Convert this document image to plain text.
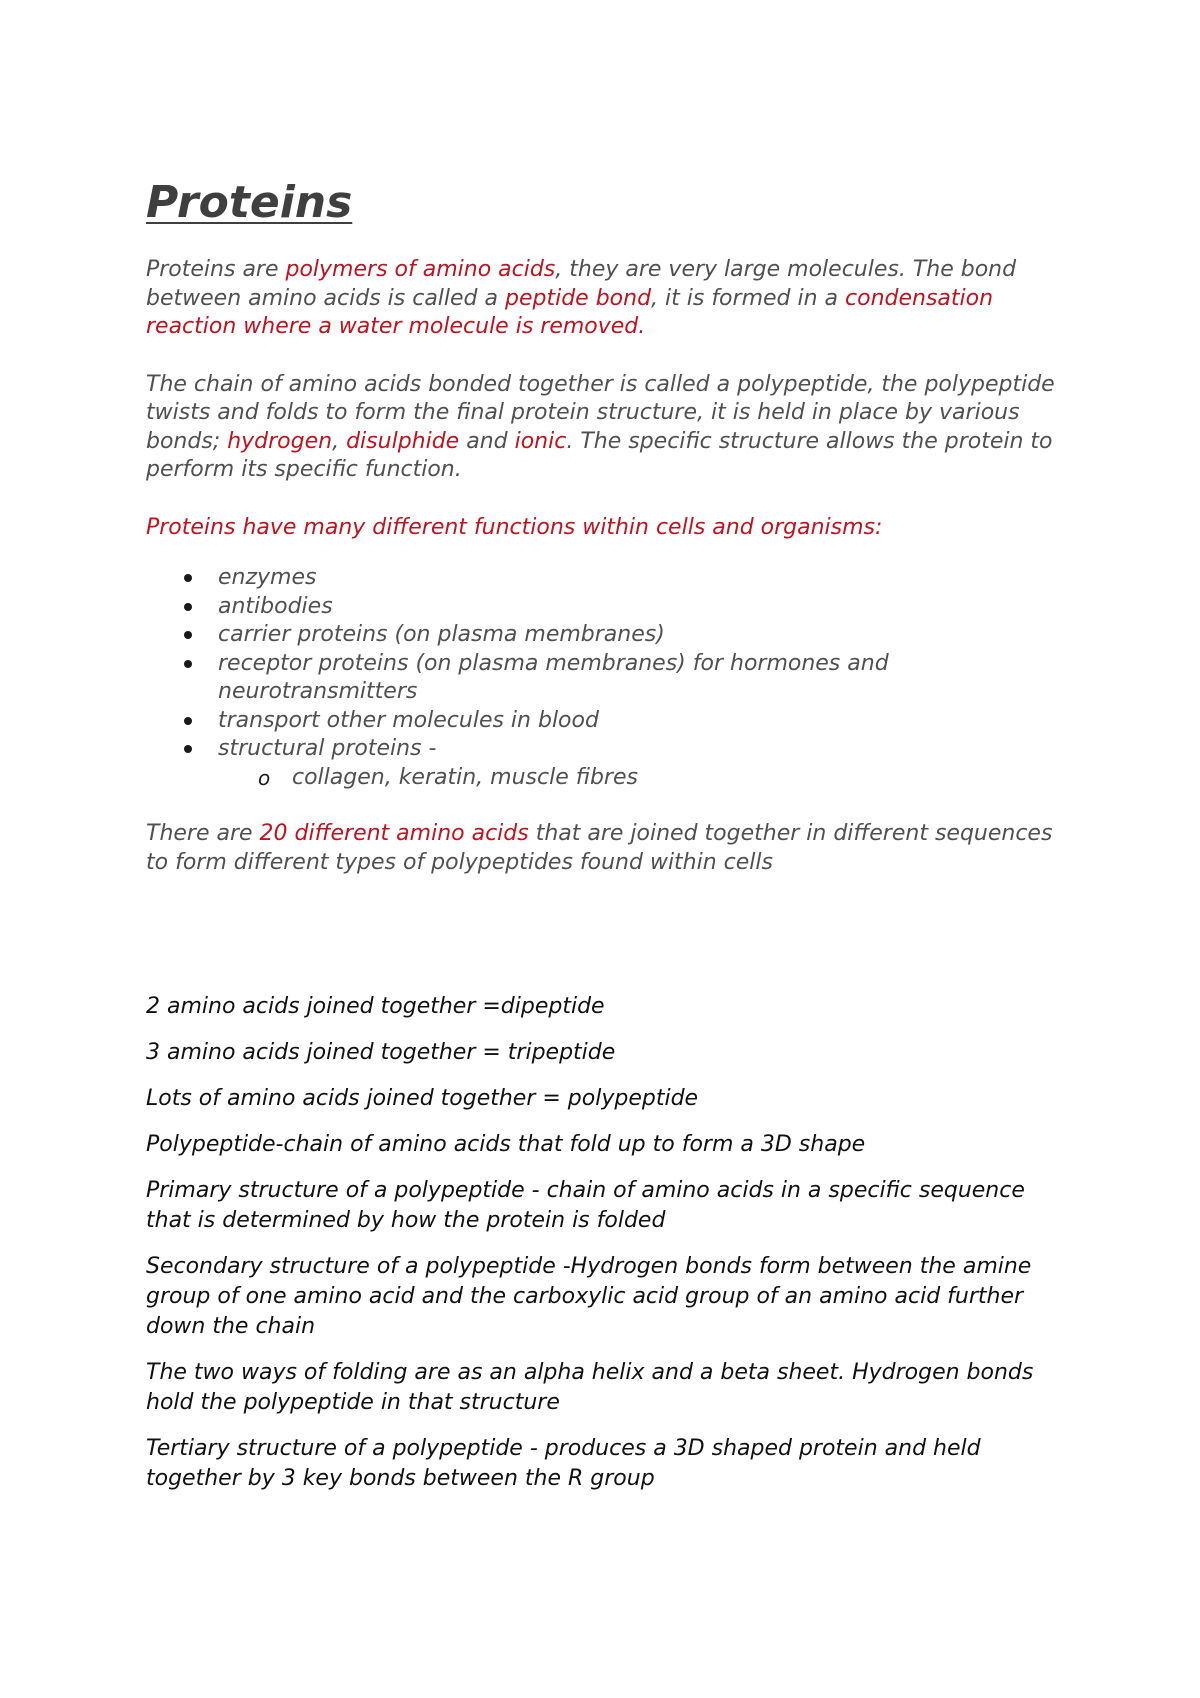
Proteins

Proteins are polymers of amino acids, they are very large molecules. The bond between amino acids is called a peptide bond, it is formed in a condensation reaction where a water molecule is removed.

The chain of amino acids bonded together is called a polypeptide, the polypeptide twists and folds to form the final protein structure, it is held in place by various bonds; hydrogen, disulphide and ionic. The specific structure allows the protein to perform its specific function.

Proteins have many different functions within cells and organisms:

enzymes
antibodies
carrier proteins (on plasma membranes)
receptor proteins (on plasma membranes) for hormones and neurotransmitters
transport other molecules in blood
structural proteins -
o collagen, keratin, muscle fibres

There are 20 different amino acids that are joined together in different sequences to form different types of polypeptides found within cells

2 amino acids joined together =dipeptide

3 amino acids joined together = tripeptide

Lots of amino acids joined together = polypeptide

Polypeptide-chain of amino acids that fold up to form a 3D shape

Primary structure of a polypeptide - chain of amino acids in a specific sequence that is determined by how the protein is folded

Secondary structure of a polypeptide -Hydrogen bonds form between the amine group of one amino acid and the carboxylic acid group of an amino acid further down the chain

The two ways of folding are as an alpha helix and a beta sheet. Hydrogen bonds hold the polypeptide in that structure

Tertiary structure of a polypeptide - produces a 3D shaped protein and held together by 3 key bonds between the R group
